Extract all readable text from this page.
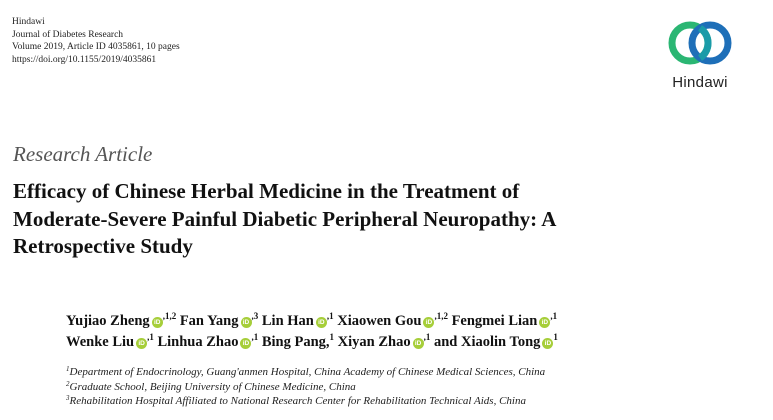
Hindawi
Journal of Diabetes Research
Volume 2019, Article ID 4035861, 10 pages
https://doi.org/10.1155/2019/4035861
Hindawi
Research Article
Efficacy of Chinese Herbal Medicine in the Treatment of
Moderate-Severe Painful Diabetic Peripheral Neuropathy: A
Retrospective Study
Yujiao Zheng $iD^{,1,2}$ Fan Yang $iD^{,3}$ Lin Han $iD^{,1}$ Xiaowen Gou $iD^{,1,2}$ Fengmei Lian $iD^{,1}$
Wenke Liu $iD^{,1}$ Linhua Zhao $iD^{,1}$ Bing Pang,$^1$ Xiyan Zhao $iD^{,1}$ and Xiaolin Tong $iD^1$
$^1$Department of Endocrinology, Guang'anmen Hospital, China Academy of Chinese Medical Sciences, China
$^2$Graduate School, Beijing University of Chinese Medicine, China
$^3$Rehabilitation Hospital Affiliated to National Research Center for Rehabilitation Technical Aids, China
